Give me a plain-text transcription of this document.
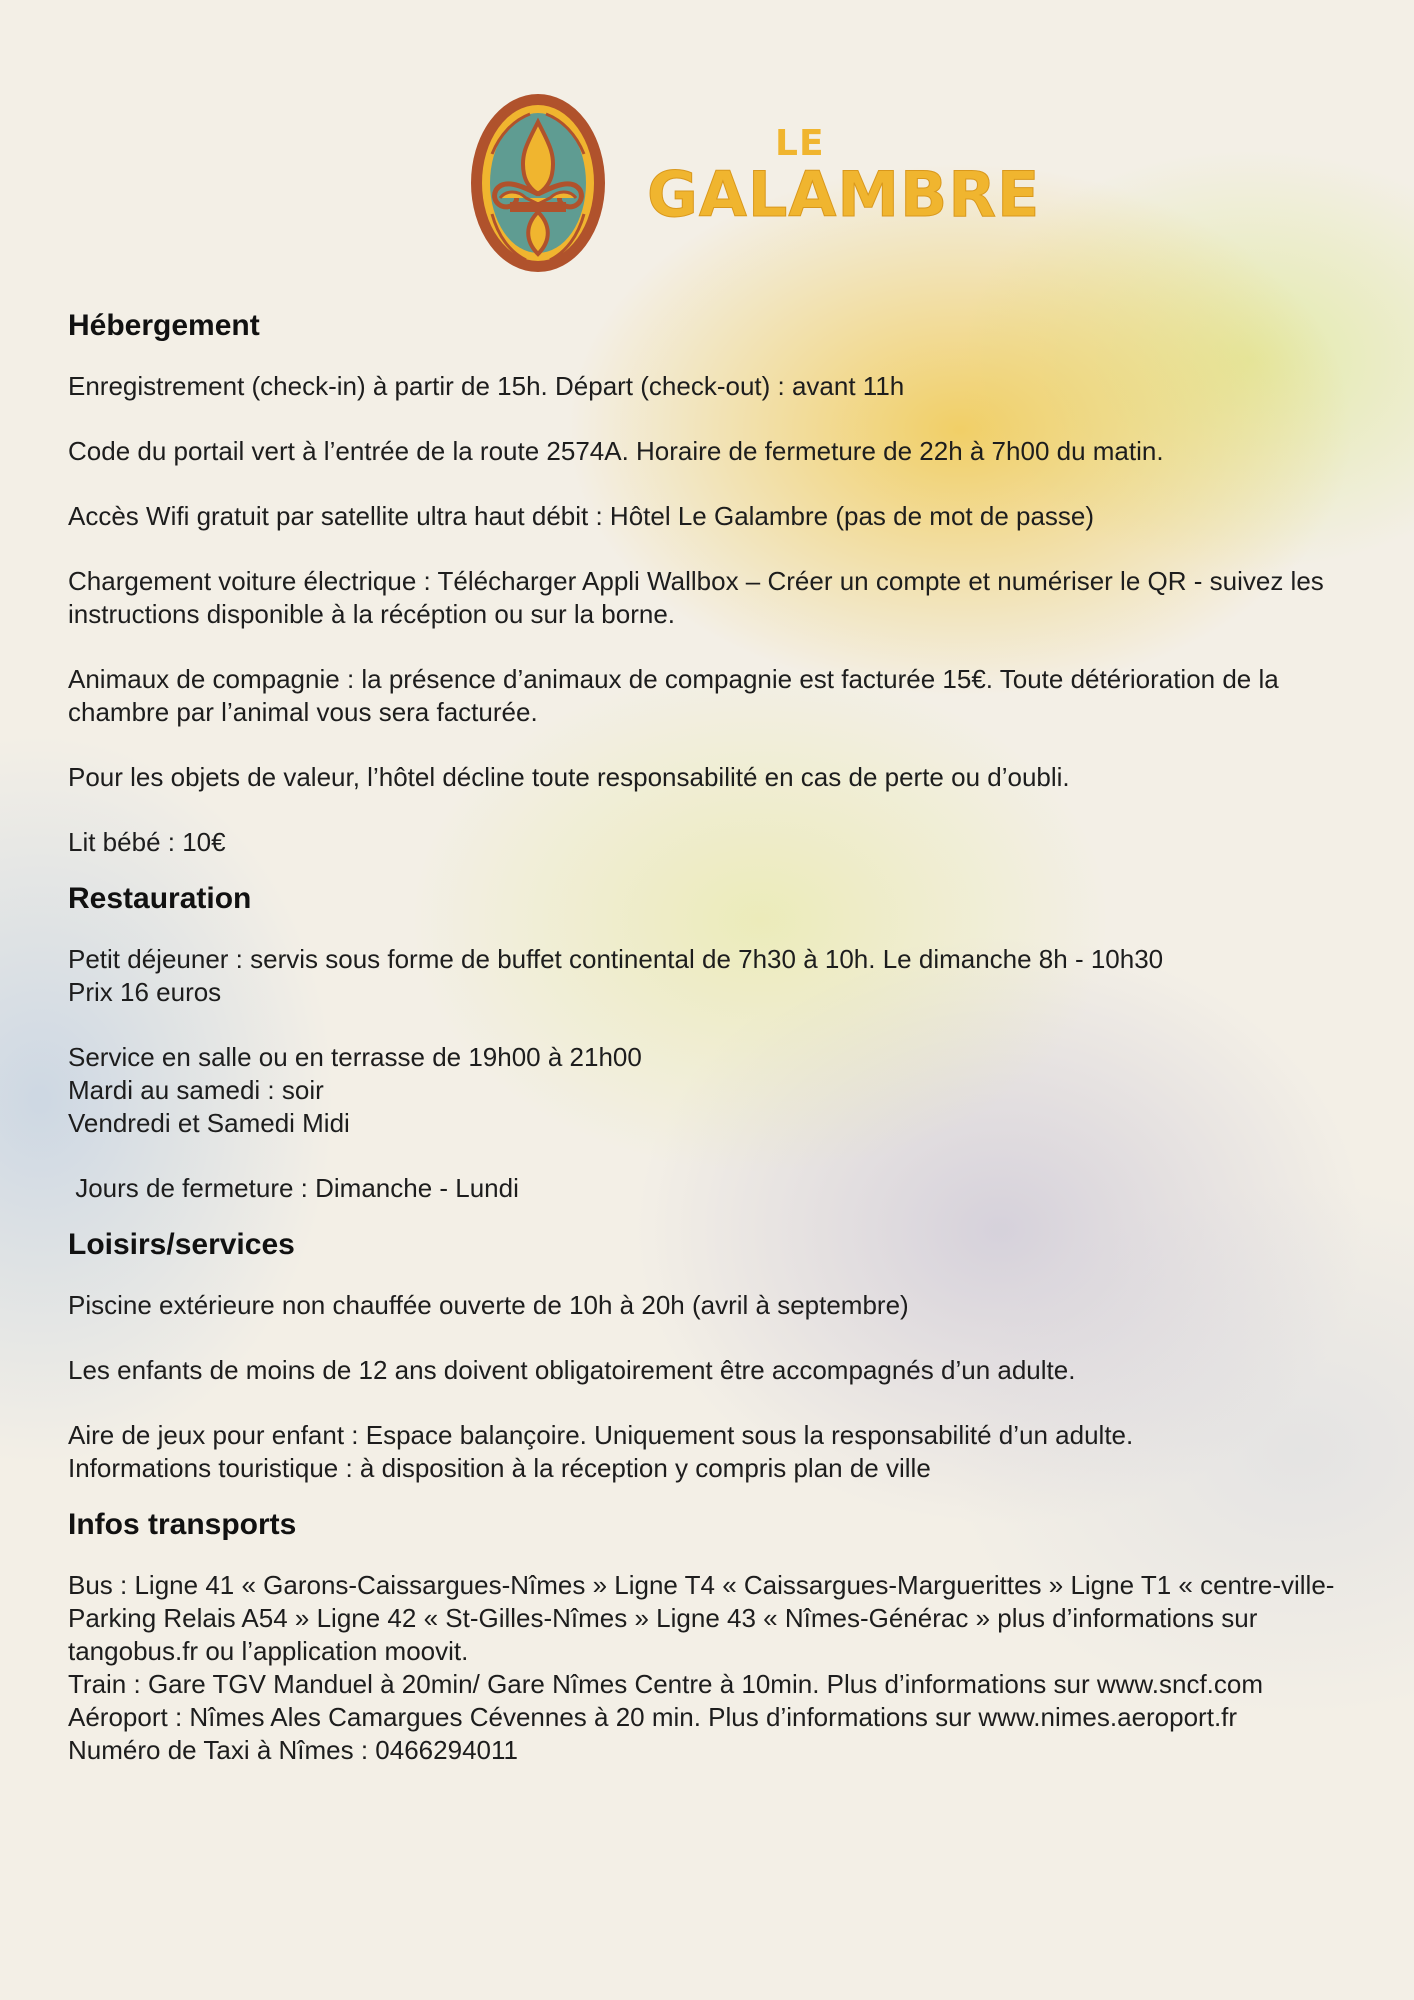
LE
GALAMBRE
Hébergement

Enregistrement (check-in) à partir de 15h. Départ (check-out) : avant 11h

Code du portail vert à l’entrée de la route 2574A. Horaire de fermeture de 22h à 7h00 du matin.

Accès Wifi gratuit par satellite ultra haut débit : Hôtel Le Galambre (pas de mot de passe)

Chargement voiture électrique : Télécharger Appli Wallbox – Créer un compte et numériser le QR - suivez les instructions disponible à la récéption ou sur la borne.

Animaux de compagnie : la présence d’animaux de compagnie est facturée 15€. Toute détérioration de la chambre par l’animal vous sera facturée.

Pour les objets de valeur, l’hôtel décline toute responsabilité en cas de perte ou d’oubli.

Lit bébé : 10€

Restauration

Petit déjeuner : servis sous forme de buffet continental de 7h30 à 10h. Le dimanche 8h - 10h30

Prix 16 euros

Service en salle ou en terrasse de 19h00 à 21h00

Mardi au samedi : soir

Vendredi et Samedi Midi

Jours de fermeture : Dimanche - Lundi

Loisirs/services

Piscine extérieure non chauffée ouverte de 10h à 20h (avril à septembre)

Les enfants de moins de 12 ans doivent obligatoirement être accompagnés d’un adulte.

Aire de jeux pour enfant : Espace balançoire. Uniquement sous la responsabilité d’un adulte.

Informations touristique : à disposition à la réception y compris plan de ville

Infos transports

Bus : Ligne 41 « Garons-Caissargues-Nîmes » Ligne T4 « Caissargues-Marguerittes » Ligne T1 « centre-ville-Parking Relais A54 » Ligne 42 « St-Gilles-Nîmes » Ligne 43 « Nîmes-Générac » plus d’informations sur tangobus.fr ou l’application moovit.

Train : Gare TGV Manduel à 20min/ Gare Nîmes Centre à 10min. Plus d’informations sur www.sncf.com

Aéroport : Nîmes Ales Camargues Cévennes à 20 min. Plus d’informations sur www.nimes.aeroport.fr

Numéro de Taxi à Nîmes : 0466294011
